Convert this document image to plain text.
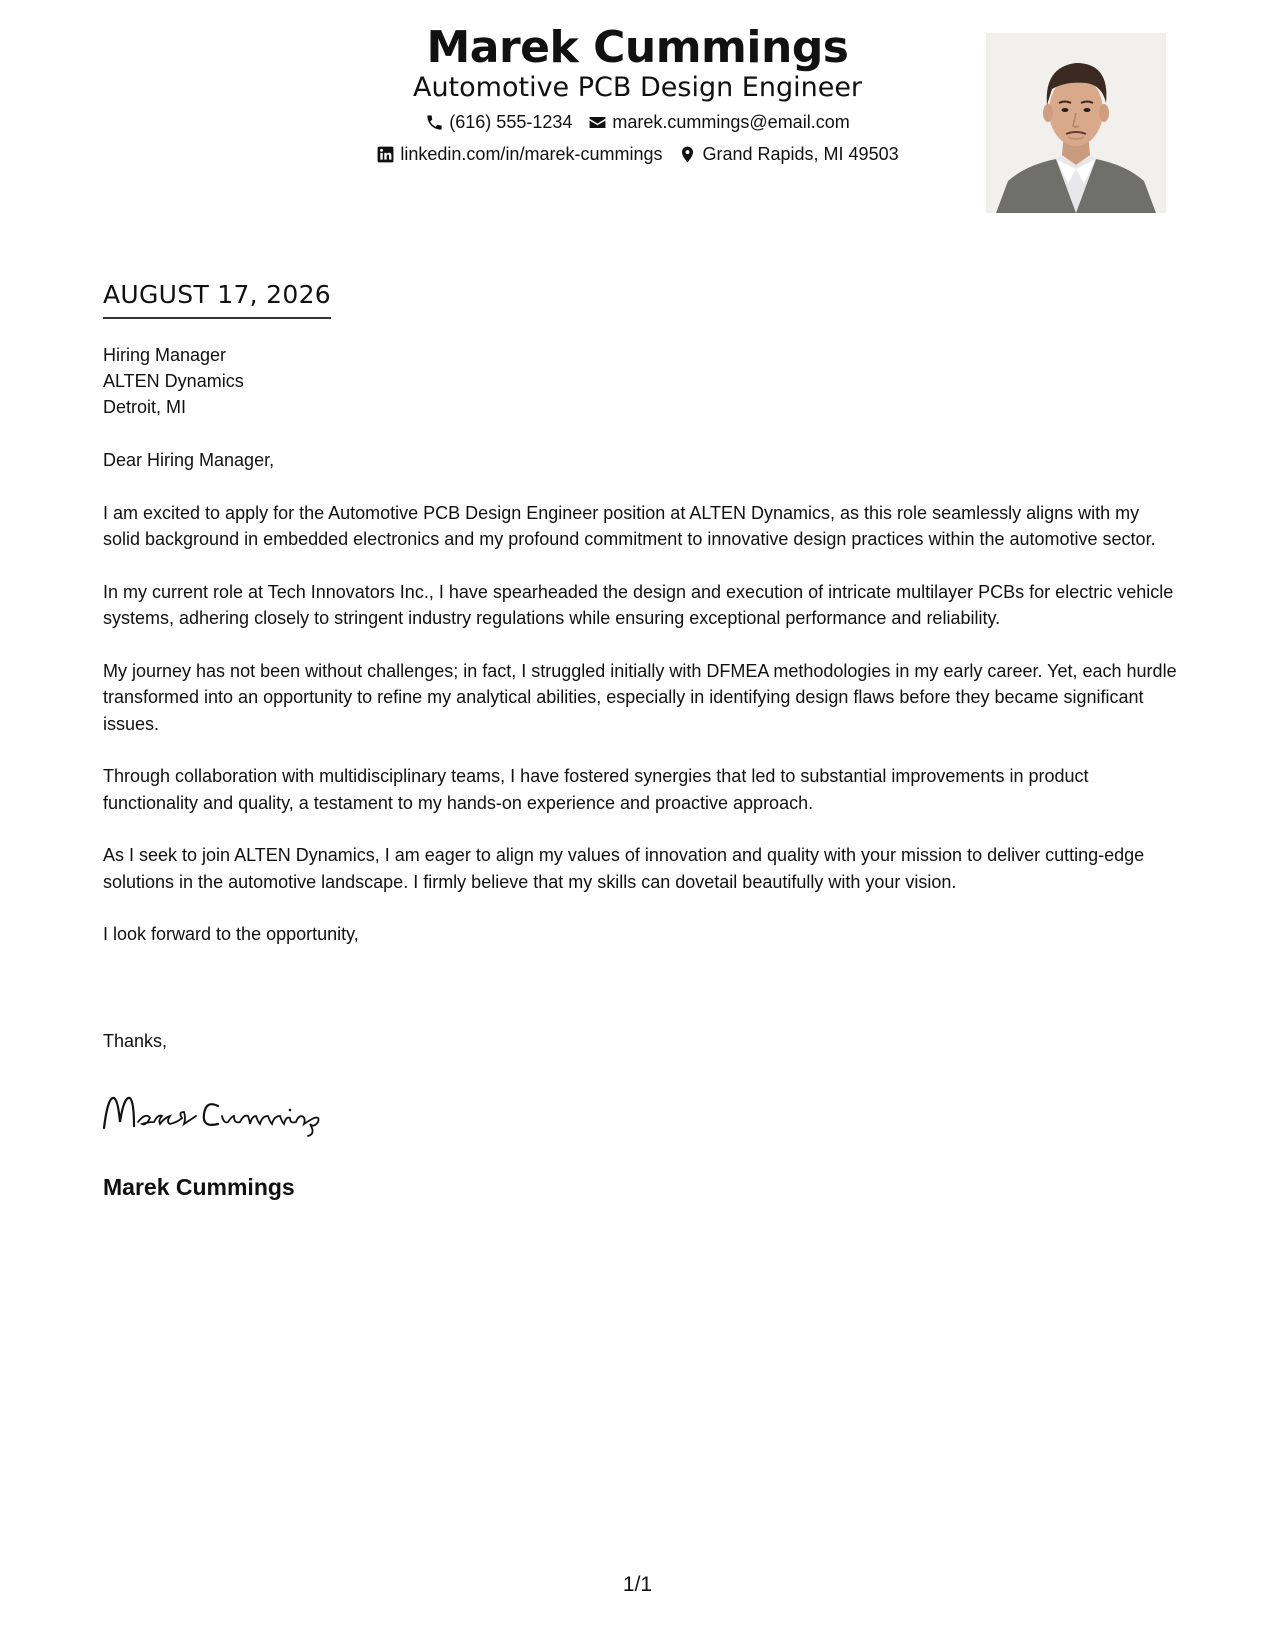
Marek Cummings
Automotive PCB Design Engineer
(616) 555-1234 marek.cummings@email.com
linkedin.com/in/marek-cummings Grand Rapids, MI 49503
AUGUST 17, 2026
Hiring Manager
ALTEN Dynamics
Detroit, MI

Dear Hiring Manager,

I am excited to apply for the Automotive PCB Design Engineer position at ALTEN Dynamics, as this role seamlessly aligns with my solid background in embedded electronics and my profound commitment to innovative design practices within the automotive sector.

In my current role at Tech Innovators Inc., I have spearheaded the design and execution of intricate multilayer PCBs for electric vehicle systems, adhering closely to stringent industry regulations while ensuring exceptional performance and reliability.

My journey has not been without challenges; in fact, I struggled initially with DFMEA methodologies in my early career. Yet, each hurdle transformed into an opportunity to refine my analytical abilities, especially in identifying design flaws before they became significant issues.

Through collaboration with multidisciplinary teams, I have fostered synergies that led to substantial improvements in product functionality and quality, a testament to my hands-on experience and proactive approach.

As I seek to join ALTEN Dynamics, I am eager to align my values of innovation and quality with your mission to deliver cutting-edge solutions in the automotive landscape. I firmly believe that my skills can dovetail beautifully with your vision.

I look forward to the opportunity,

Thanks,
Marek Cummings
1/1
